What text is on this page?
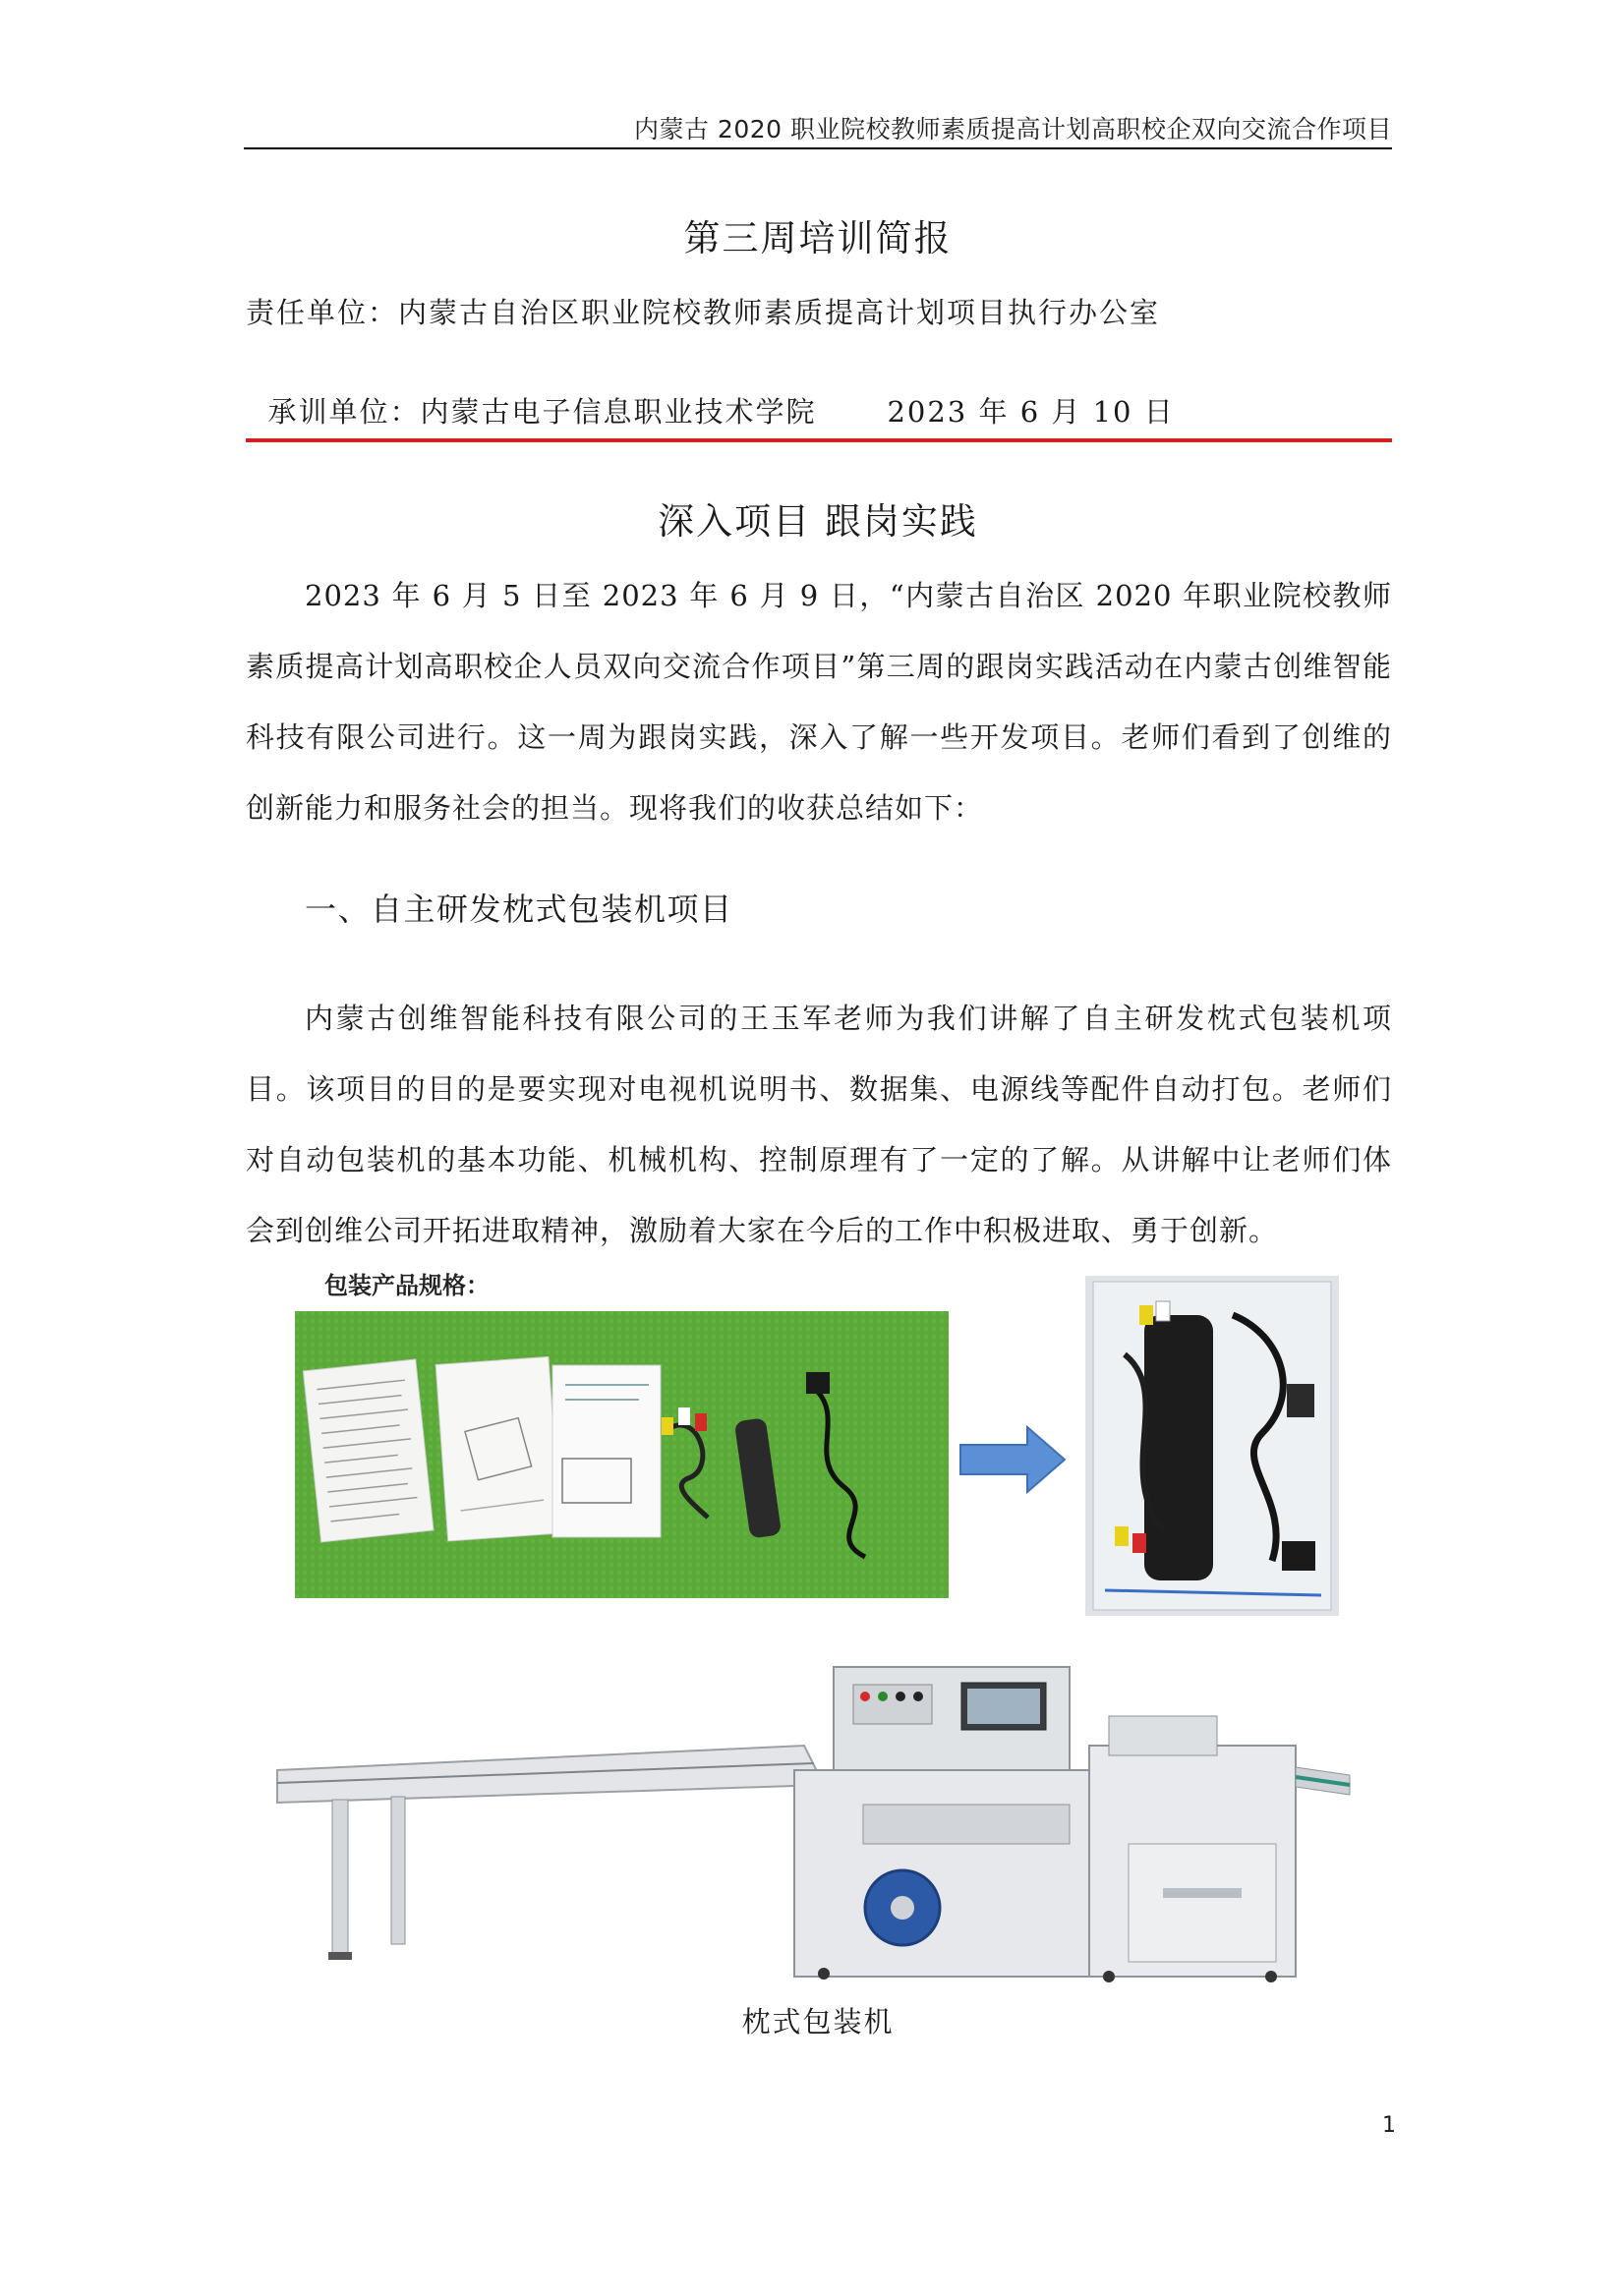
内蒙古 2020 职业院校教师素质提高计划高职校企双向交流合作项目
第三周培训简报
责任单位：内蒙古自治区职业院校教师素质提高计划项目执行办公室

承训单位：内蒙古电子信息职业技术学院 2023 年 6 月 10 日

深入项目 跟岗实践
2023 年 6 月 5 日至 2023 年 6 月 9 日，“内蒙古自治区 2020 年职业院校教师素质提高计划高职校企人员双向交流合作项目”第三周的跟岗实践活动在内蒙古创维智能科技有限公司进行。这一周为跟岗实践，深入了解一些开发项目。老师们看到了创维的创新能力和服务社会的担当。现将我们的收获总结如下：
一、自主研发枕式包装机项目
内蒙古创维智能科技有限公司的王玉军老师为我们讲解了自主研发枕式包装机项目。该项目的目的是要实现对电视机说明书、数据集、电源线等配件自动打包。老师们对自动包装机的基本功能、机械机构、控制原理有了一定的了解。从讲解中让老师们体会到创维公司开拓进取精神，激励着大家在今后的工作中积极进取、勇于创新。
包装产品规格：
枕式包装机
1
